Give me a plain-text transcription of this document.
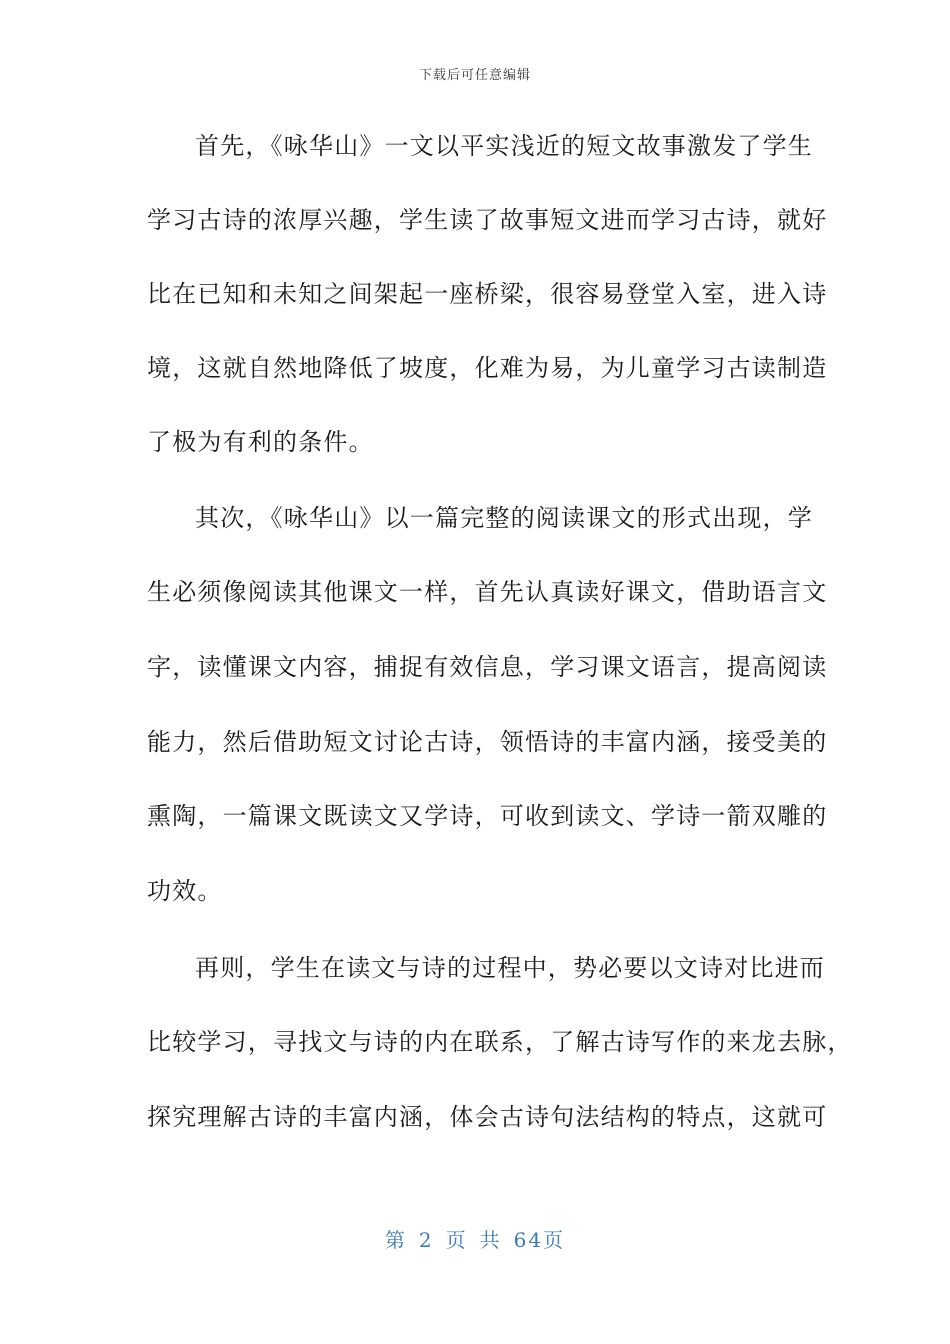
下载后可任意编辑
首先，《咏华山》一文以平实浅近的短文故事激发了学生
学习古诗的浓厚兴趣，学生读了故事短文进而学习古诗，就好
比在已知和未知之间架起一座桥梁，很容易登堂入室，进入诗
境，这就自然地降低了坡度，化难为易，为儿童学习古读制造
了极为有利的条件。
其次，《咏华山》以一篇完整的阅读课文的形式出现，学
生必须像阅读其他课文一样，首先认真读好课文，借助语言文
字，读懂课文内容，捕捉有效信息，学习课文语言，提高阅读
能力，然后借助短文讨论古诗，领悟诗的丰富内涵，接受美的
熏陶，一篇课文既读文又学诗，可收到读文、学诗一箭双雕的
功效。
再则，学生在读文与诗的过程中，势必要以文诗对比进而
比较学习，寻找文与诗的内在联系，了解古诗写作的来龙去脉，
探究理解古诗的丰富内涵，体会古诗句法结构的特点，这就可
第 2 页 共 64页
